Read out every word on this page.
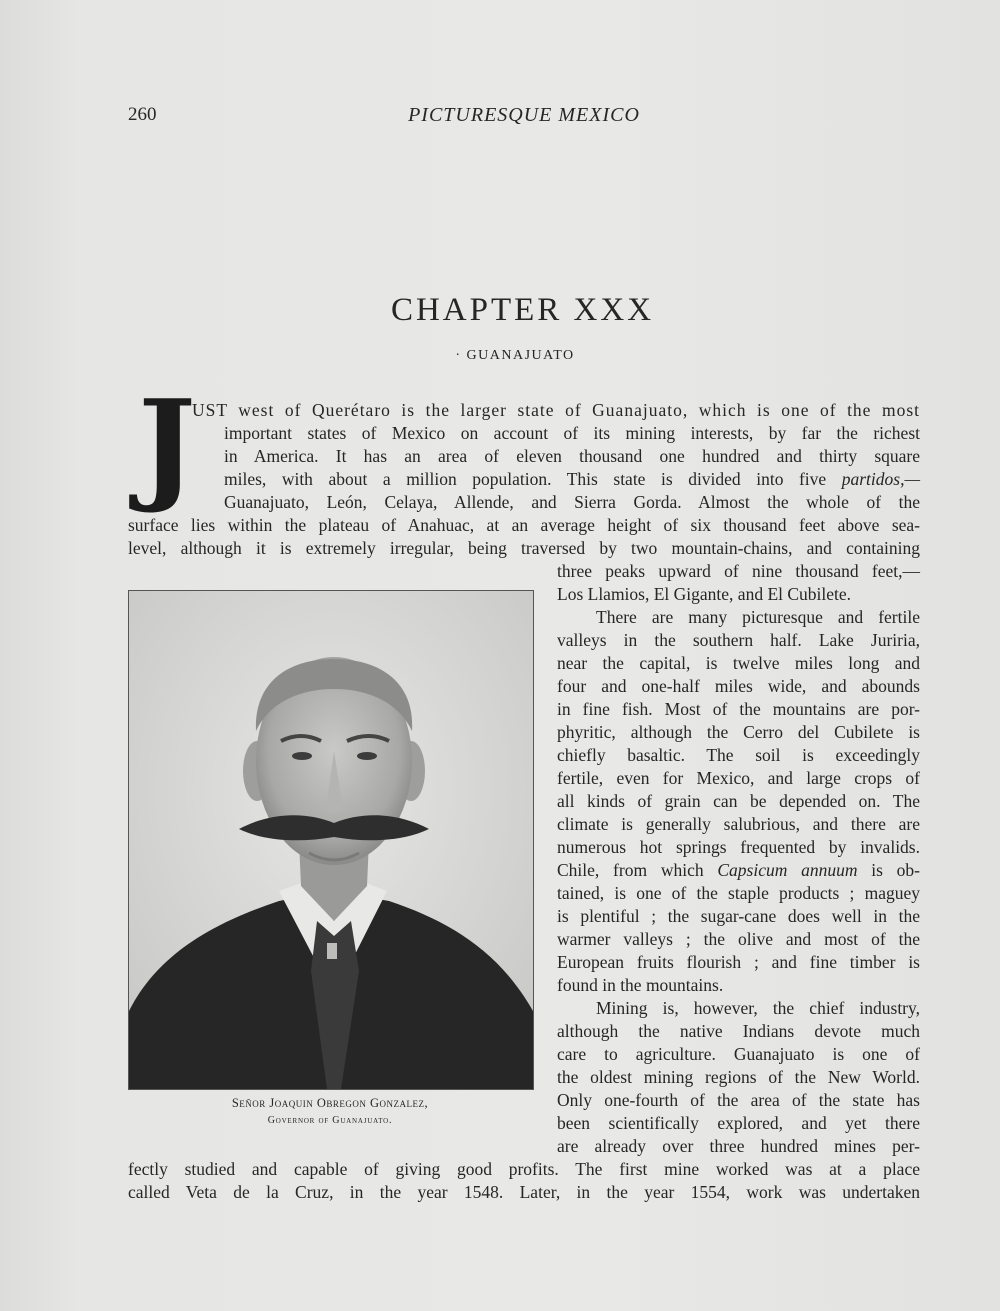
260	PICTURESQUE MEXICO
CHAPTER XXX
· GUANAJUATO
J
UST west of Querétaro is the larger state of Guanajuato, which is one of the most
important states of Mexico on account of its mining interests, by far the richest
in America. It has an area of eleven thousand one hundred and thirty square
miles, with about a million population. This state is divided into five partidos,—
Guanajuato, León, Celaya, Allende, and Sierra Gorda. Almost the whole of the
surface lies within the plateau of Anahuac, at an average height of six thousand feet above sea-
level, although it is extremely irregular, being traversed by two mountain-chains, and containing
three peaks upward of nine thousand feet,—
Los Llamios, El Gigante, and El Cubilete.
There are many picturesque and fertile
valleys in the southern half. Lake Juriria,
near the capital, is twelve miles long and
four and one-half miles wide, and abounds
in fine fish. Most of the mountains are por-
phyritic, although the Cerro del Cubilete is
chiefly basaltic. The soil is exceedingly
fertile, even for Mexico, and large crops of
all kinds of grain can be depended on. The
climate is generally salubrious, and there are
numerous hot springs frequented by invalids.
Chile, from which Capsicum annuum is ob-
tained, is one of the staple products ; maguey
is plentiful ; the sugar-cane does well in the
warmer valleys ; the olive and most of the
European fruits flourish ; and fine timber is
found in the mountains.
Mining is, however, the chief industry,
although the native Indians devote much
care to agriculture. Guanajuato is one of
the oldest mining regions of the New World.
Only one-fourth of the area of the state has
been scientifically explored, and yet there
are already over three hundred mines per-
fectly studied and capable of giving good profits. The first mine worked was at a place
called Veta de la Cruz, in the year 1548. Later, in the year 1554, work was undertaken
Señor Joaquin Obregon Gonzalez,
Governor of Guanajuato.
